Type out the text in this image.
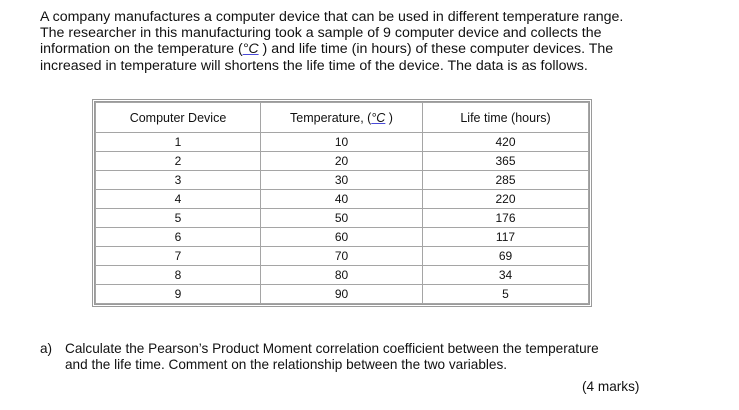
A company manufactures a computer device that can be used in different temperature range.
The researcher in this manufacturing took a sample of 9 computer device and collects the
information on the temperature (°C ) and life time (in hours) of these computer devices. The
increased in temperature will shortens the life time of the device. The data is as follows.
Computer Device	Temperature, (°C )	Life time (hours)
1	10	420
2	20	365
3	30	285
4	40	220
5	50	176
6	60	117
7	70	69
8	80	34
9	90	5
a) Calculate the Pearson’s Product Moment correlation coefficient between the temperature
and the life time. Comment on the relationship between the two variables.
(4 marks)
